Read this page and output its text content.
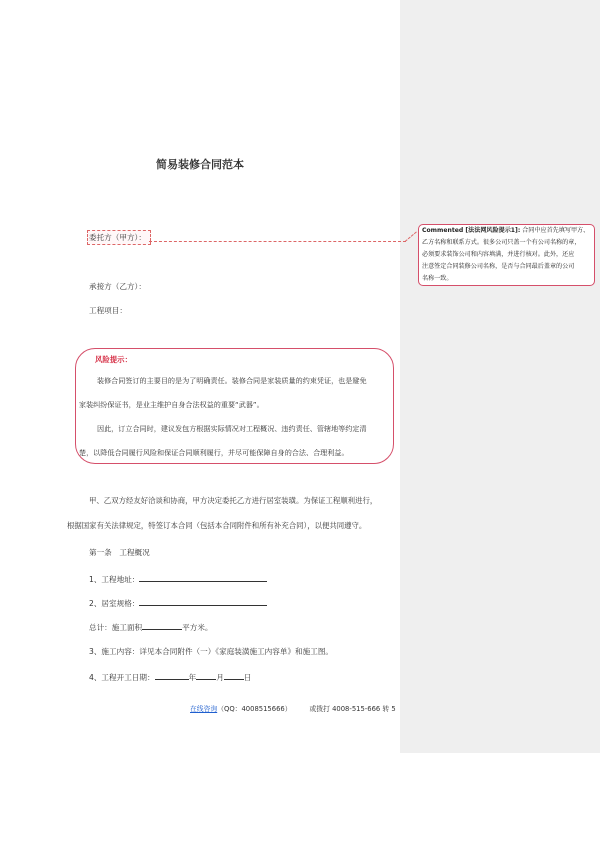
简易装修合同范本
委托方（甲方）：
承接方（乙方）：
工程项目：
风险提示：
装修合同签订的主要目的是为了明确责任。装修合同是家装质量的约束凭证，也是避免
家装纠纷保证书，是业主维护自身合法权益的重要“武器”。
因此，订立合同时，建议发包方根据实际情况对工程概况、违约责任、管辖地等约定清
楚，以降低合同履行风险和保证合同顺利履行，并尽可能保障自身的合法、合理利益。
甲、乙双方经友好洽谈和协商，甲方决定委托乙方进行居室装璜。为保证工程顺利进行，
根据国家有关法律规定，特签订本合同（包括本合同附件和所有补充合同），以便共同遵守。
第一条　工程概况
1、工程地址：
2、居室规格：
总计：施工面积	平方米。
3、施工内容：详见本合同附件（一）《家庭装潢施工内容单》和施工图。
4、工程开工日期：	年	月	日
在线咨询（QQ：4008515666）	或拨打 4008-515-666 转 5
Commented [法法网风险提示1]: 合同中应首先填写甲方、
乙方名称和联系方式。很多公司只盖一个有公司名称的章，
必须要求装饰公司和内容填满，并进行核对。此外，还应
注意签定合同装修公司名称，是否与合同最后盖章的公司
名称一致。
